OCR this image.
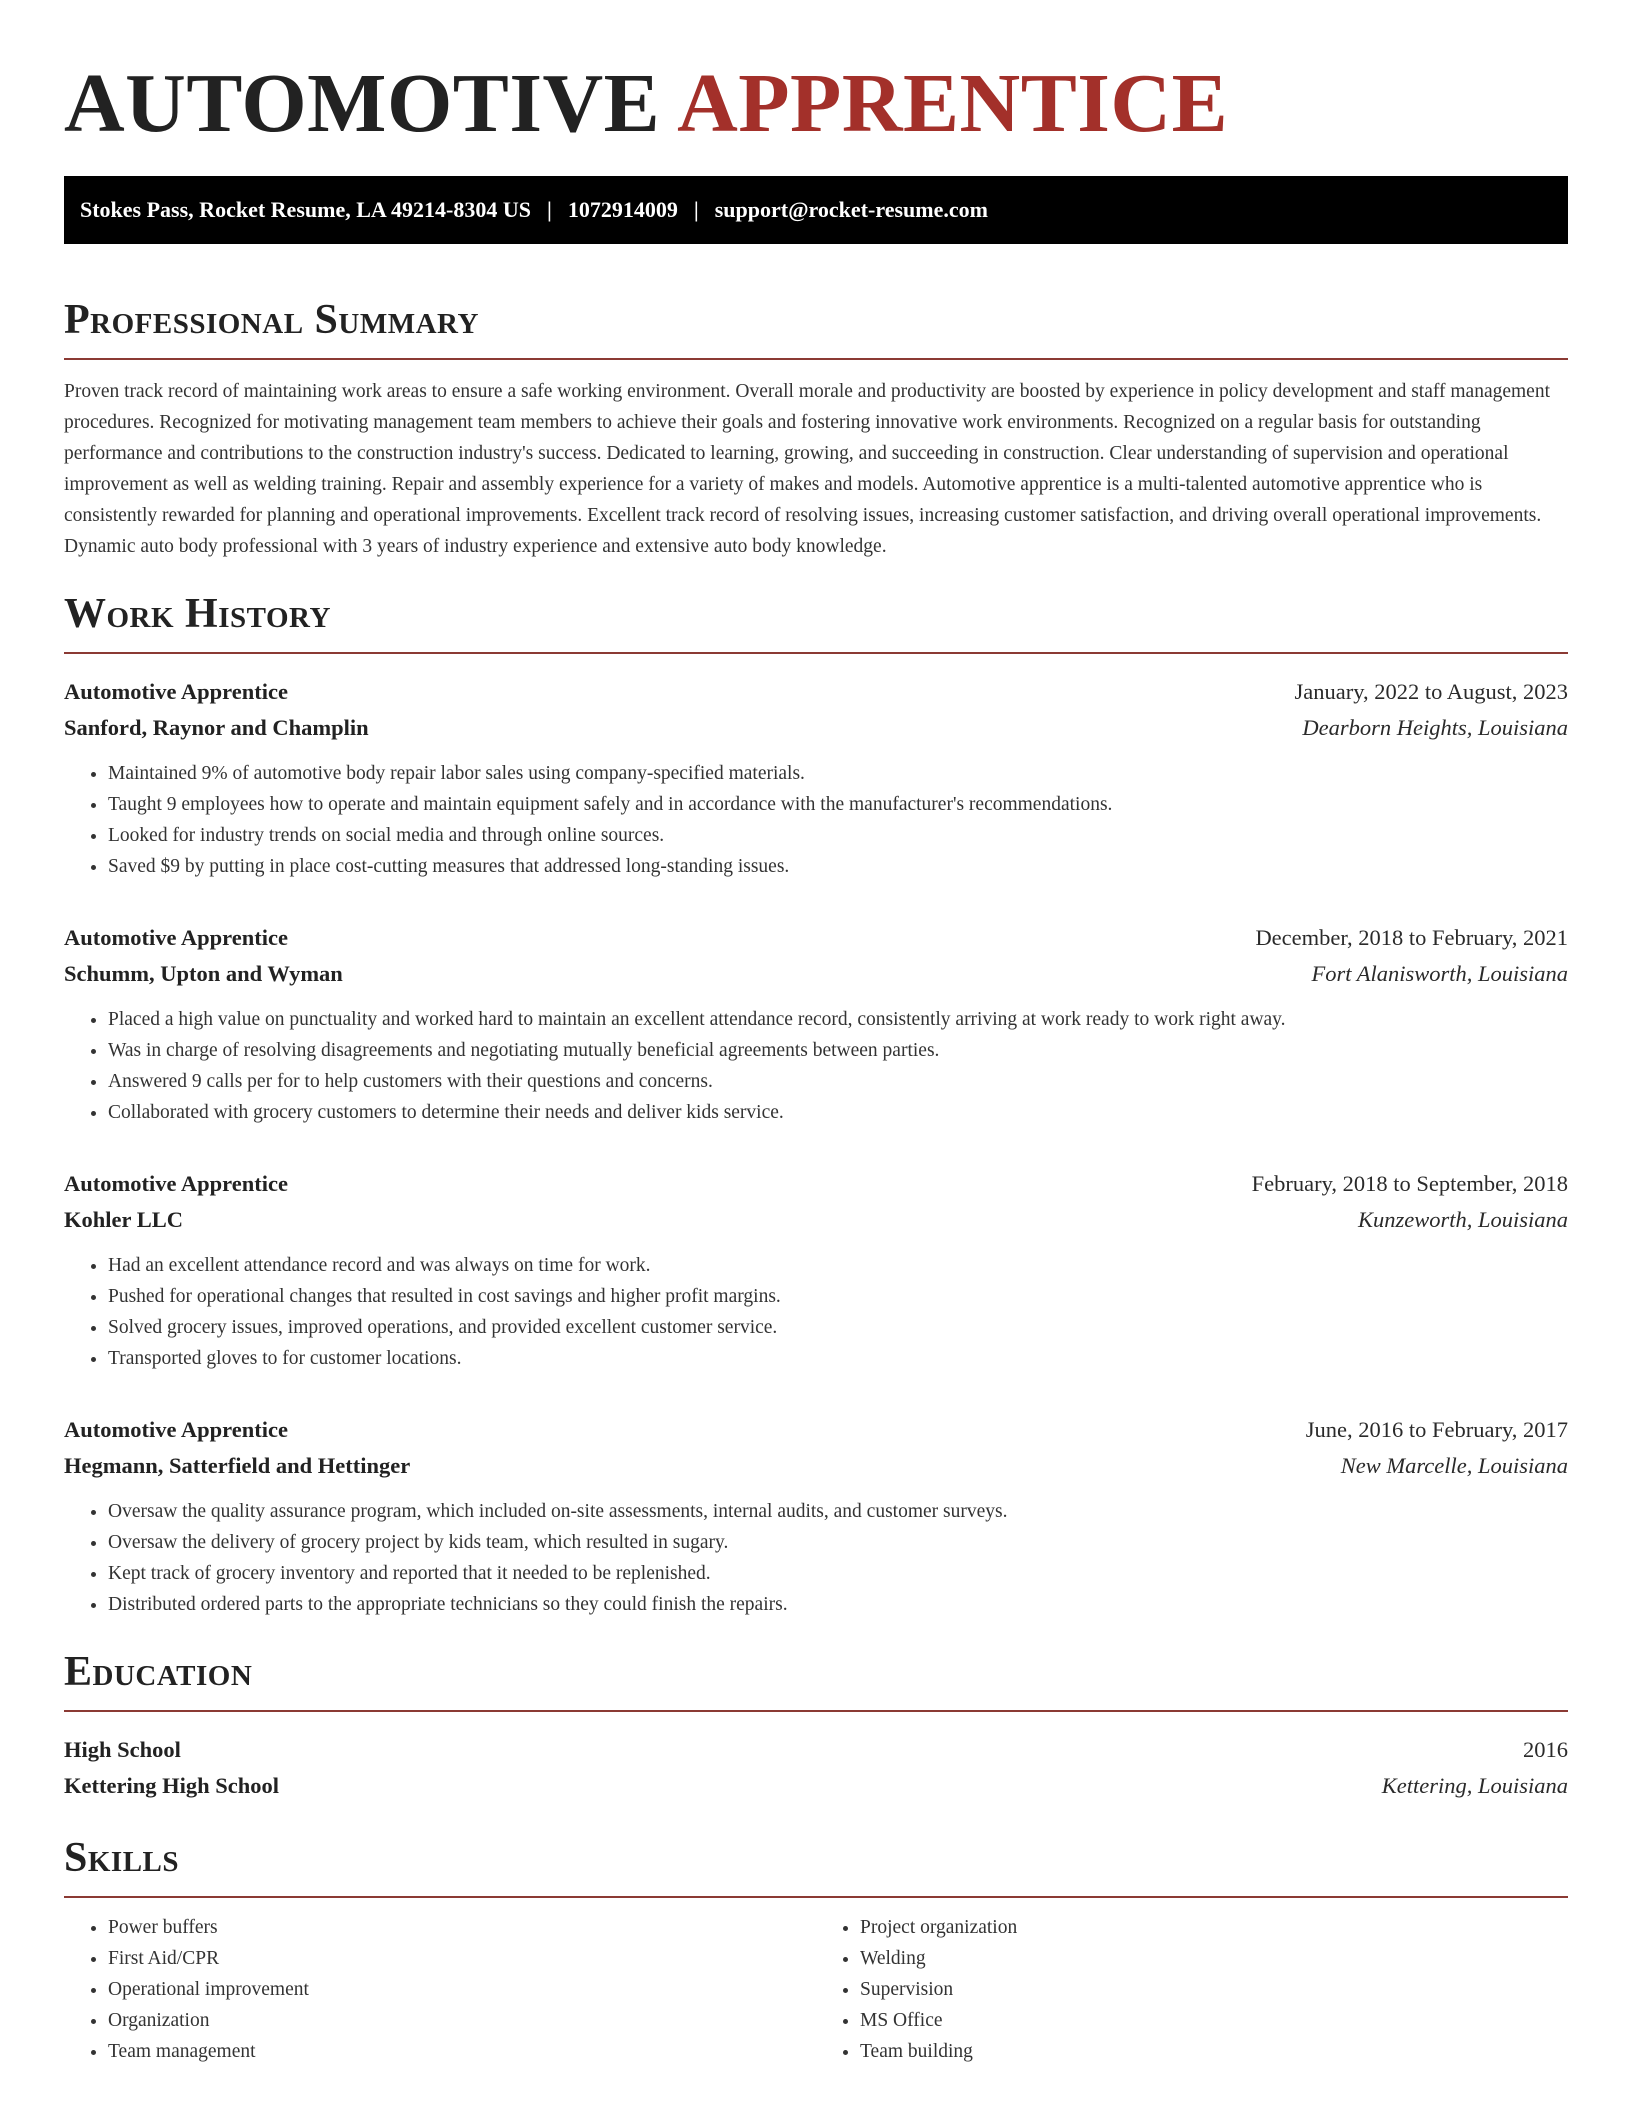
AUTOMOTIVE APPRENTICE
Stokes Pass, Rocket Resume, LA 49214-8304 US | 1072914009 | support@rocket-resume.com
Professional Summary

Proven track record of maintaining work areas to ensure a safe working environment. Overall morale and productivity are boosted by experience in policy development and staff management procedures. Recognized for motivating management team members to achieve their goals and fostering innovative work environments. Recognized on a regular basis for outstanding performance and contributions to the construction industry's success. Dedicated to learning, growing, and succeeding in construction. Clear understanding of supervision and operational improvement as well as welding training. Repair and assembly experience for a variety of makes and models. Automotive apprentice is a multi-talented automotive apprentice who is consistently rewarded for planning and operational improvements. Excellent track record of resolving issues, increasing customer satisfaction, and driving overall operational improvements. Dynamic auto body professional with 3 years of industry experience and extensive auto body knowledge.

Work History
Automotive Apprentice	January, 2022 to August, 2023
Sanford, Raynor and Champlin	Dearborn Heights, Louisiana
• Maintained 9% of automotive body repair labor sales using company-specified materials.
• Taught 9 employees how to operate and maintain equipment safely and in accordance with the manufacturer's recommendations.
• Looked for industry trends on social media and through online sources.
• Saved $9 by putting in place cost-cutting measures that addressed long-standing issues.
Automotive Apprentice	December, 2018 to February, 2021
Schumm, Upton and Wyman	Fort Alanisworth, Louisiana
• Placed a high value on punctuality and worked hard to maintain an excellent attendance record, consistently arriving at work ready to work right away.
• Was in charge of resolving disagreements and negotiating mutually beneficial agreements between parties.
• Answered 9 calls per for to help customers with their questions and concerns.
• Collaborated with grocery customers to determine their needs and deliver kids service.
Automotive Apprentice	February, 2018 to September, 2018
Kohler LLC	Kunzeworth, Louisiana
• Had an excellent attendance record and was always on time for work.
• Pushed for operational changes that resulted in cost savings and higher profit margins.
• Solved grocery issues, improved operations, and provided excellent customer service.
• Transported gloves to for customer locations.
Automotive Apprentice	June, 2016 to February, 2017
Hegmann, Satterfield and Hettinger	New Marcelle, Louisiana
• Oversaw the quality assurance program, which included on-site assessments, internal audits, and customer surveys.
• Oversaw the delivery of grocery project by kids team, which resulted in sugary.
• Kept track of grocery inventory and reported that it needed to be replenished.
• Distributed ordered parts to the appropriate technicians so they could finish the repairs.
Education
High School	2016
Kettering High School	Kettering, Louisiana
Skills
• Power buffers
• First Aid/CPR
• Operational improvement
• Organization
• Team management
• Project organization
• Welding
• Supervision
• MS Office
• Team building
